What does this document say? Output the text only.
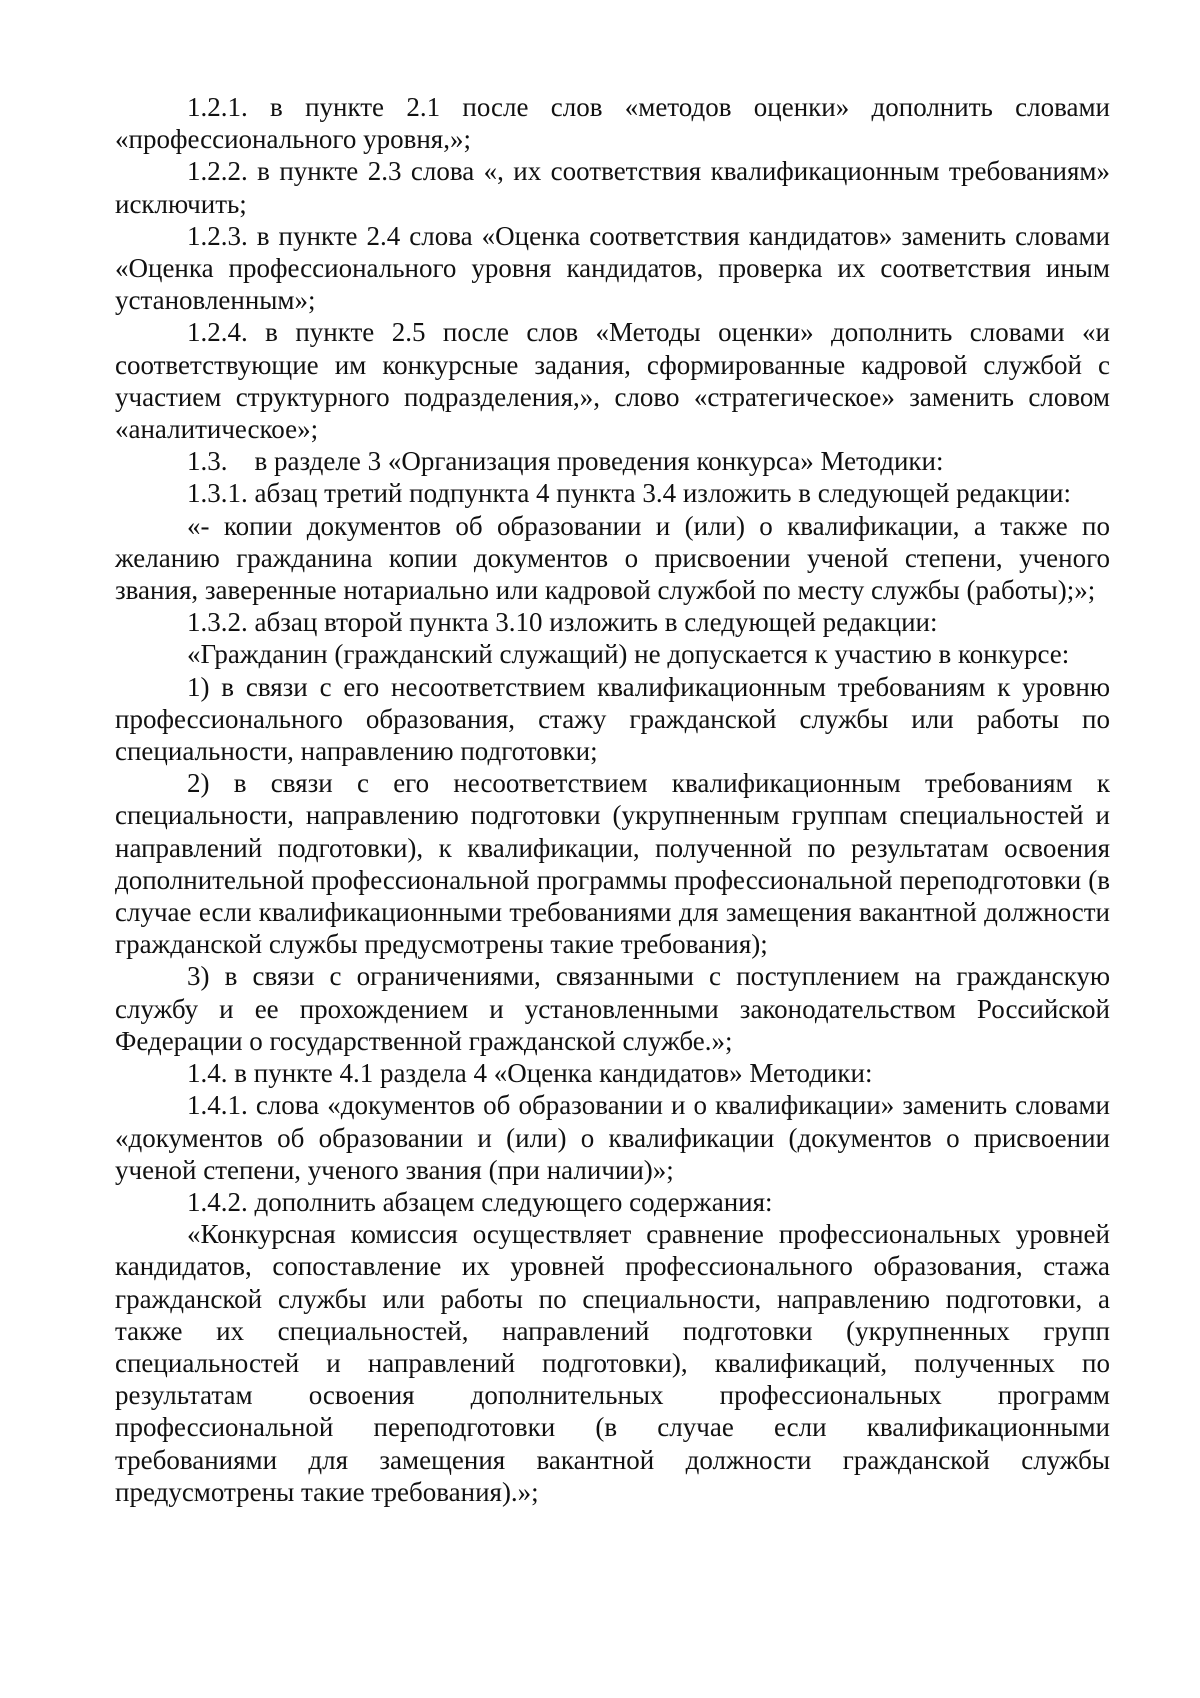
1.2.1. в пункте 2.1 после слов «методов оценки» дополнить словами «профессионального уровня,»;

1.2.2. в пункте 2.3 слова «, их соответствия квалификационным требованиям» исключить;

1.2.3. в пункте 2.4 слова «Оценка соответствия кандидатов» заменить словами «Оценка профессионального уровня кандидатов, проверка их соответствия иным установленным»;

1.2.4. в пункте 2.5 после слов «Методы оценки» дополнить словами «и соответствующие им конкурсные задания, сформированные кадровой службой с участием структурного подразделения,», слово «стратегическое» заменить словом «аналитическое»;

1.3.    в разделе 3 «Организация проведения конкурса» Методики:

1.3.1. абзац третий подпункта 4 пункта 3.4 изложить в следующей редакции:

«- копии документов об образовании и (или) о квалификации, а также по желанию гражданина копии документов о присвоении ученой степени, ученого звания, заверенные нотариально или кадровой службой по месту службы (работы);»;

1.3.2. абзац второй пункта 3.10 изложить в следующей редакции:

«Гражданин (гражданский служащий) не допускается к участию в конкурсе:

1) в связи с его несоответствием квалификационным требованиям к уровню профессионального образования, стажу гражданской службы или работы по специальности, направлению подготовки;

2) в связи с его несоответствием квалификационным требованиям к специальности, направлению подготовки (укрупненным группам специальностей и направлений подготовки), к квалификации, полученной по результатам освоения дополнительной профессиональной программы профессиональной переподготовки (в случае если квалификационными требованиями для замещения вакантной должности гражданской службы предусмотрены такие требования);

3) в связи с ограничениями, связанными с поступлением на гражданскую службу и ее прохождением и установленными законодательством Российской Федерации о государственной гражданской службе.»;

1.4. в пункте 4.1 раздела 4 «Оценка кандидатов» Методики:

1.4.1. слова «документов об образовании и о квалификации» заменить словами «документов об образовании и (или) о квалификации (документов о присвоении ученой степени, ученого звания (при наличии)»;

1.4.2. дополнить абзацем следующего содержания:

«Конкурсная комиссия осуществляет сравнение профессиональных уровней кандидатов, сопоставление их уровней профессионального образования, стажа гражданской службы или работы по специальности, направлению подготовки, а также их специальностей, направлений подготовки (укрупненных групп специальностей и направлений подготовки), квалификаций, полученных по результатам освоения дополнительных профессиональных программ профессиональной переподготовки (в случае если квалификационными требованиями для замещения вакантной должности гражданской службы предусмотрены такие требования).»;
